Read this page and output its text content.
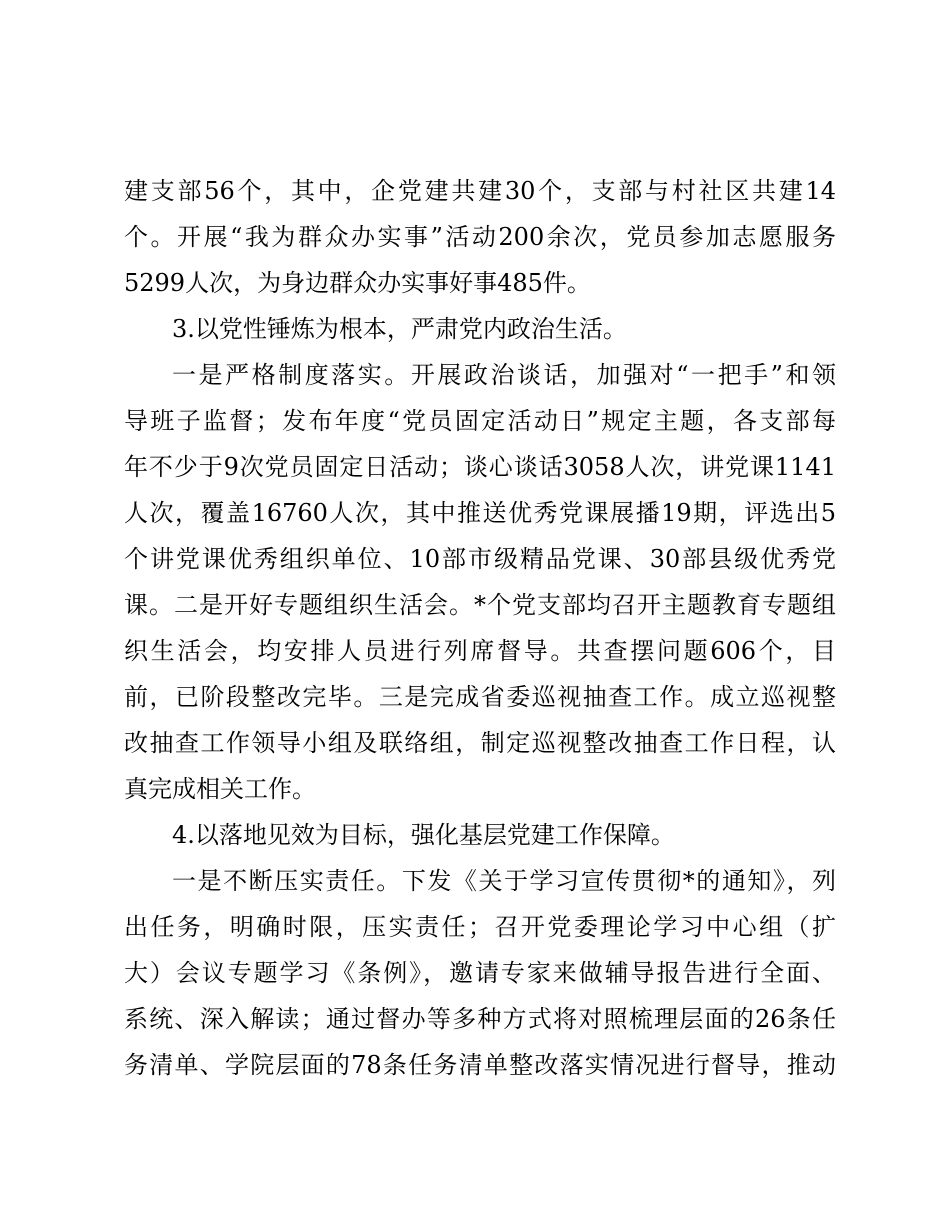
建支部56个，其中，企党建共建30个，支部与村社区共建14
个。开展“我为群众办实事”活动200余次，党员参加志愿服务
5299人次，为身边群众办实事好事485件。
3.以党性锤炼为根本，严肃党内政治生活。
一是严格制度落实。开展政治谈话，加强对“一把手”和领
导班子监督；发布年度“党员固定活动日”规定主题，各支部每
年不少于9次党员固定日活动；谈心谈话3058人次，讲党课1141
人次，覆盖16760人次，其中推送优秀党课展播19期，评选出5
个讲党课优秀组织单位、10部市级精品党课、30部县级优秀党
课。二是开好专题组织生活会。*个党支部均召开主题教育专题组
织生活会，均安排人员进行列席督导。共查摆问题606个，目
前，已阶段整改完毕。三是完成省委巡视抽查工作。成立巡视整
改抽查工作领导小组及联络组，制定巡视整改抽查工作日程，认
真完成相关工作。
4.以落地见效为目标，强化基层党建工作保障。
一是不断压实责任。下发《关于学习宣传贯彻*的通知》，列
出任务，明确时限，压实责任；召开党委理论学习中心组（扩
大）会议专题学习《条例》，邀请专家来做辅导报告进行全面、
系统、深入解读；通过督办等多种方式将对照梳理层面的26条任
务清单、学院层面的78条任务清单整改落实情况进行督导，推动
